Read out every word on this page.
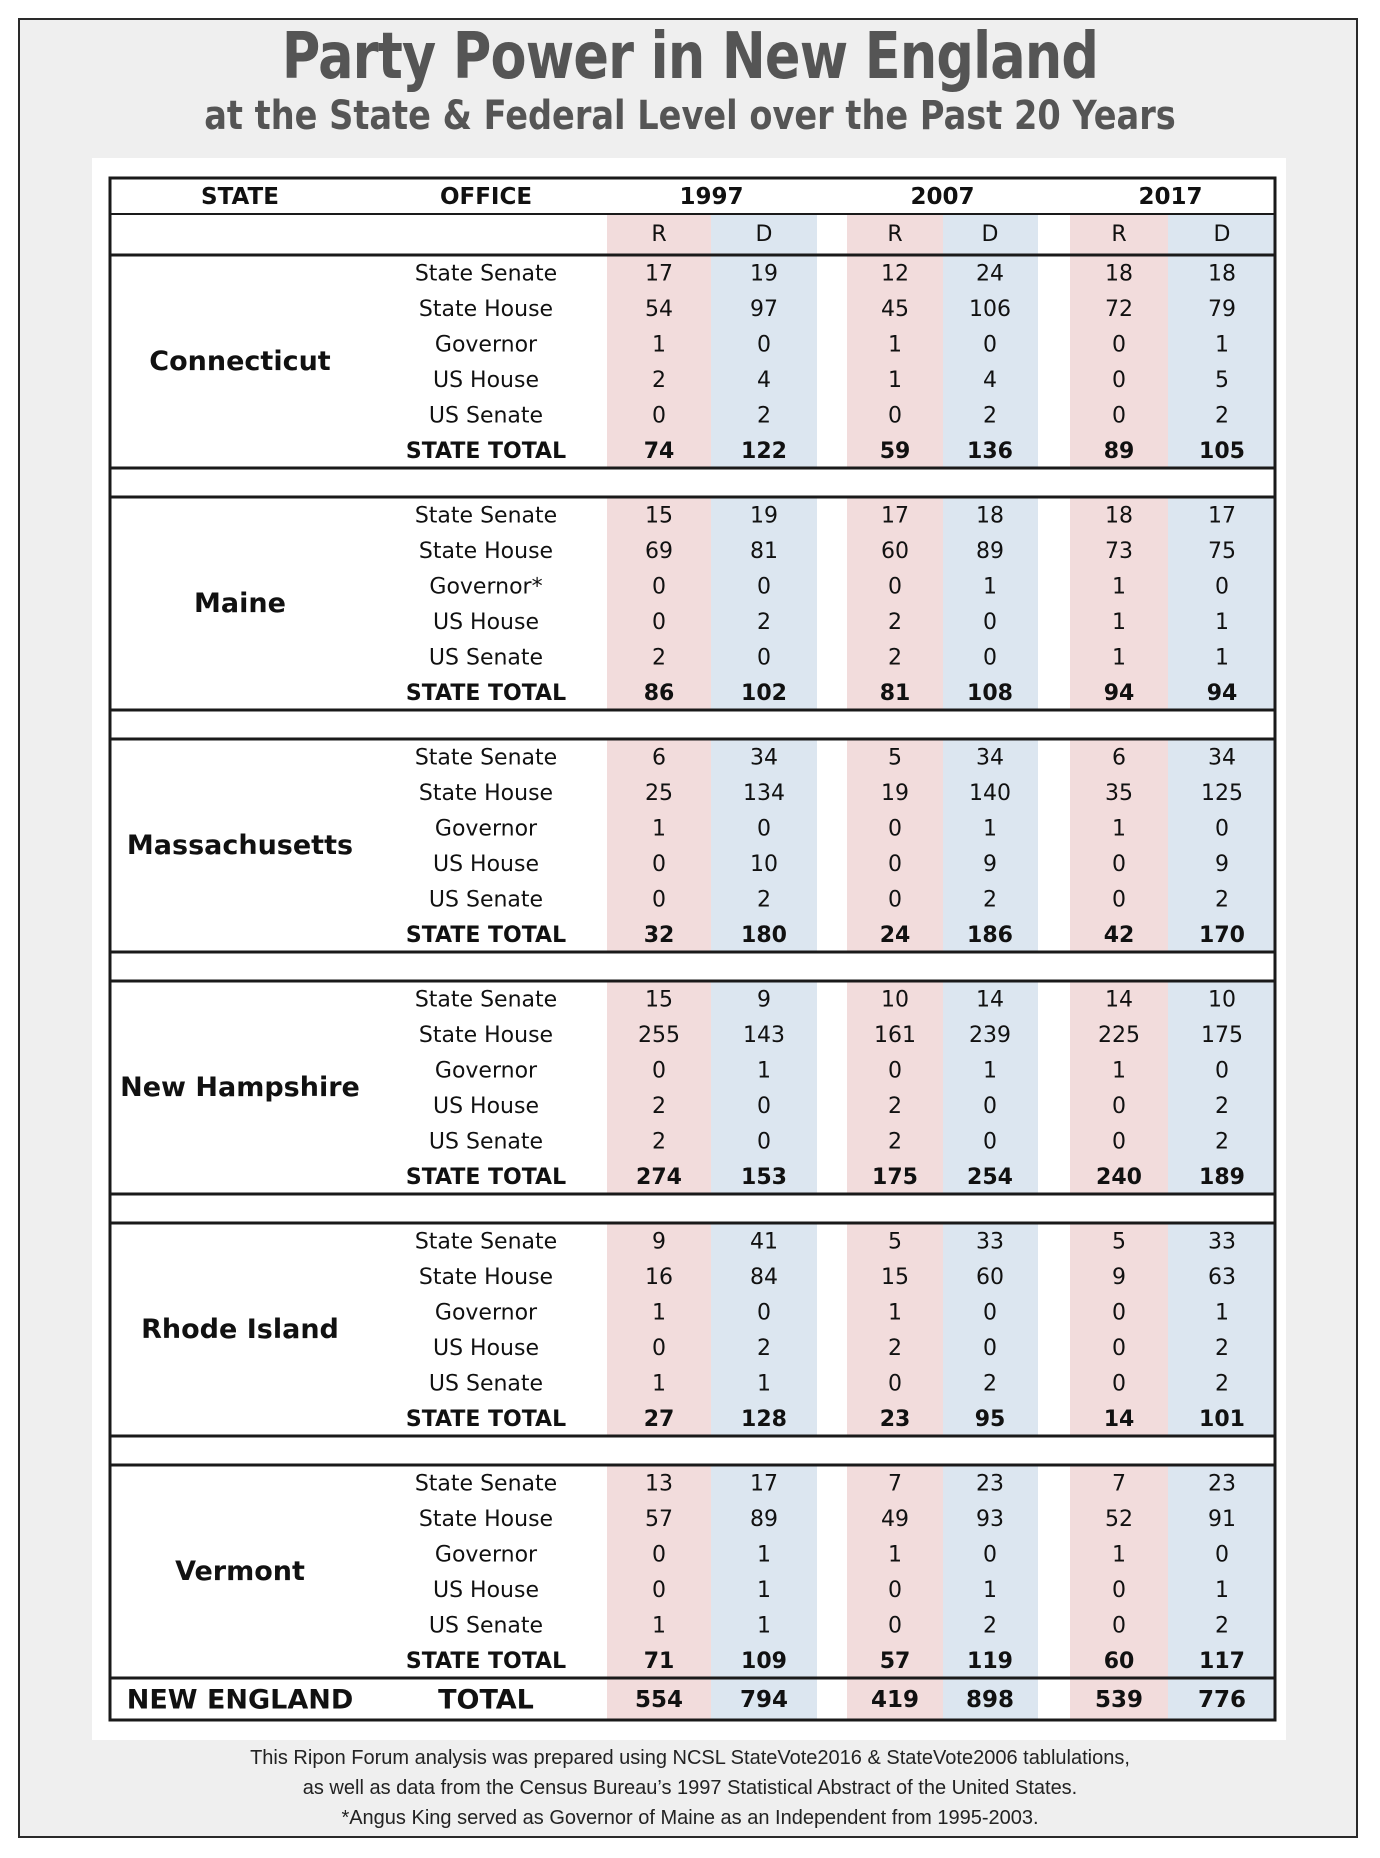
Party Power in New England
at the State & Federal Level over the Past 20 Years
STATE	OFFICE	1997	2007	2017
R	D	R	D	R	D
Connecticut
State Senate	17	19	12	24	18	18
State House	54	97	45	106	72	79
Governor	1	0	1	0	0	1
US House	2	4	1	4	0	5
US Senate	0	2	0	2	0	2
STATE TOTAL	74	122	59	136	89	105
Maine
State Senate	15	19	17	18	18	17
State House	69	81	60	89	73	75
Governor*	0	0	0	1	1	0
US House	0	2	2	0	1	1
US Senate	2	0	2	0	1	1
STATE TOTAL	86	102	81	108	94	94
Massachusetts
State Senate	6	34	5	34	6	34
State House	25	134	19	140	35	125
Governor	1	0	0	1	1	0
US House	0	10	0	9	0	9
US Senate	0	2	0	2	0	2
STATE TOTAL	32	180	24	186	42	170
New Hampshire
State Senate	15	9	10	14	14	10
State House	255	143	161 239	225	175
Governor	0	1	0	1	1	0
US House	2	0	2	0	0	2
US Senate	2	0	2	0	0	2
STATE TOTAL	274	153	175 254	240	189
Rhode Island
State Senate	9	41	5	33	5	33
State House	16	84	15	60	9	63
Governor	1	0	1	0	0	1
US House	0	2	2	0	0	2
US Senate	1	1	0	2	0	2
STATE TOTAL	27	128	23	95	14	101
Vermont
State Senate	13	17	7	23	7	23
State House	57	89	49	93	52	91
Governor	0	1	1	0	1	0
US House	0	1	0	1	0	1
US Senate	1	1	0	2	0	2
STATE TOTAL	71	109	57	119	60	117
NEW ENGLAND	TOTAL	554 794	419 898	539 776
This Ripon Forum analysis was prepared using NCSL StateVote2016 & StateVote2006 tablulations,
as well as data from the Census Bureau’s 1997 Statistical Abstract of the United States.
*Angus King served as Governor of Maine as an Independent from 1995-2003.
